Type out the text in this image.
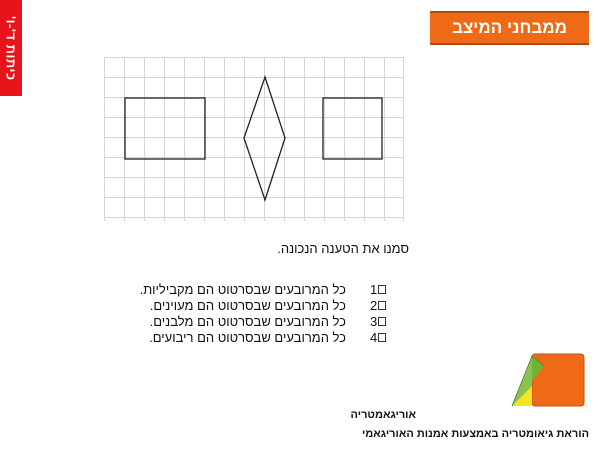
כיתות ד'-ו'	ממבחני המיצב
סמנו את הטענה הנכונה.
כל המרובעים שבסרטוט הם מקביליות. 1
כל המרובעים שבסרטוט הם מעוינים. 2
כל המרובעים שבסרטוט הם מלבנים. 3
כל המרובעים שבסרטוט הם ריבועים. 4
אוריגאמטריה
הוראת גיאומטריה באמצעות אמנות האוריגאמי
